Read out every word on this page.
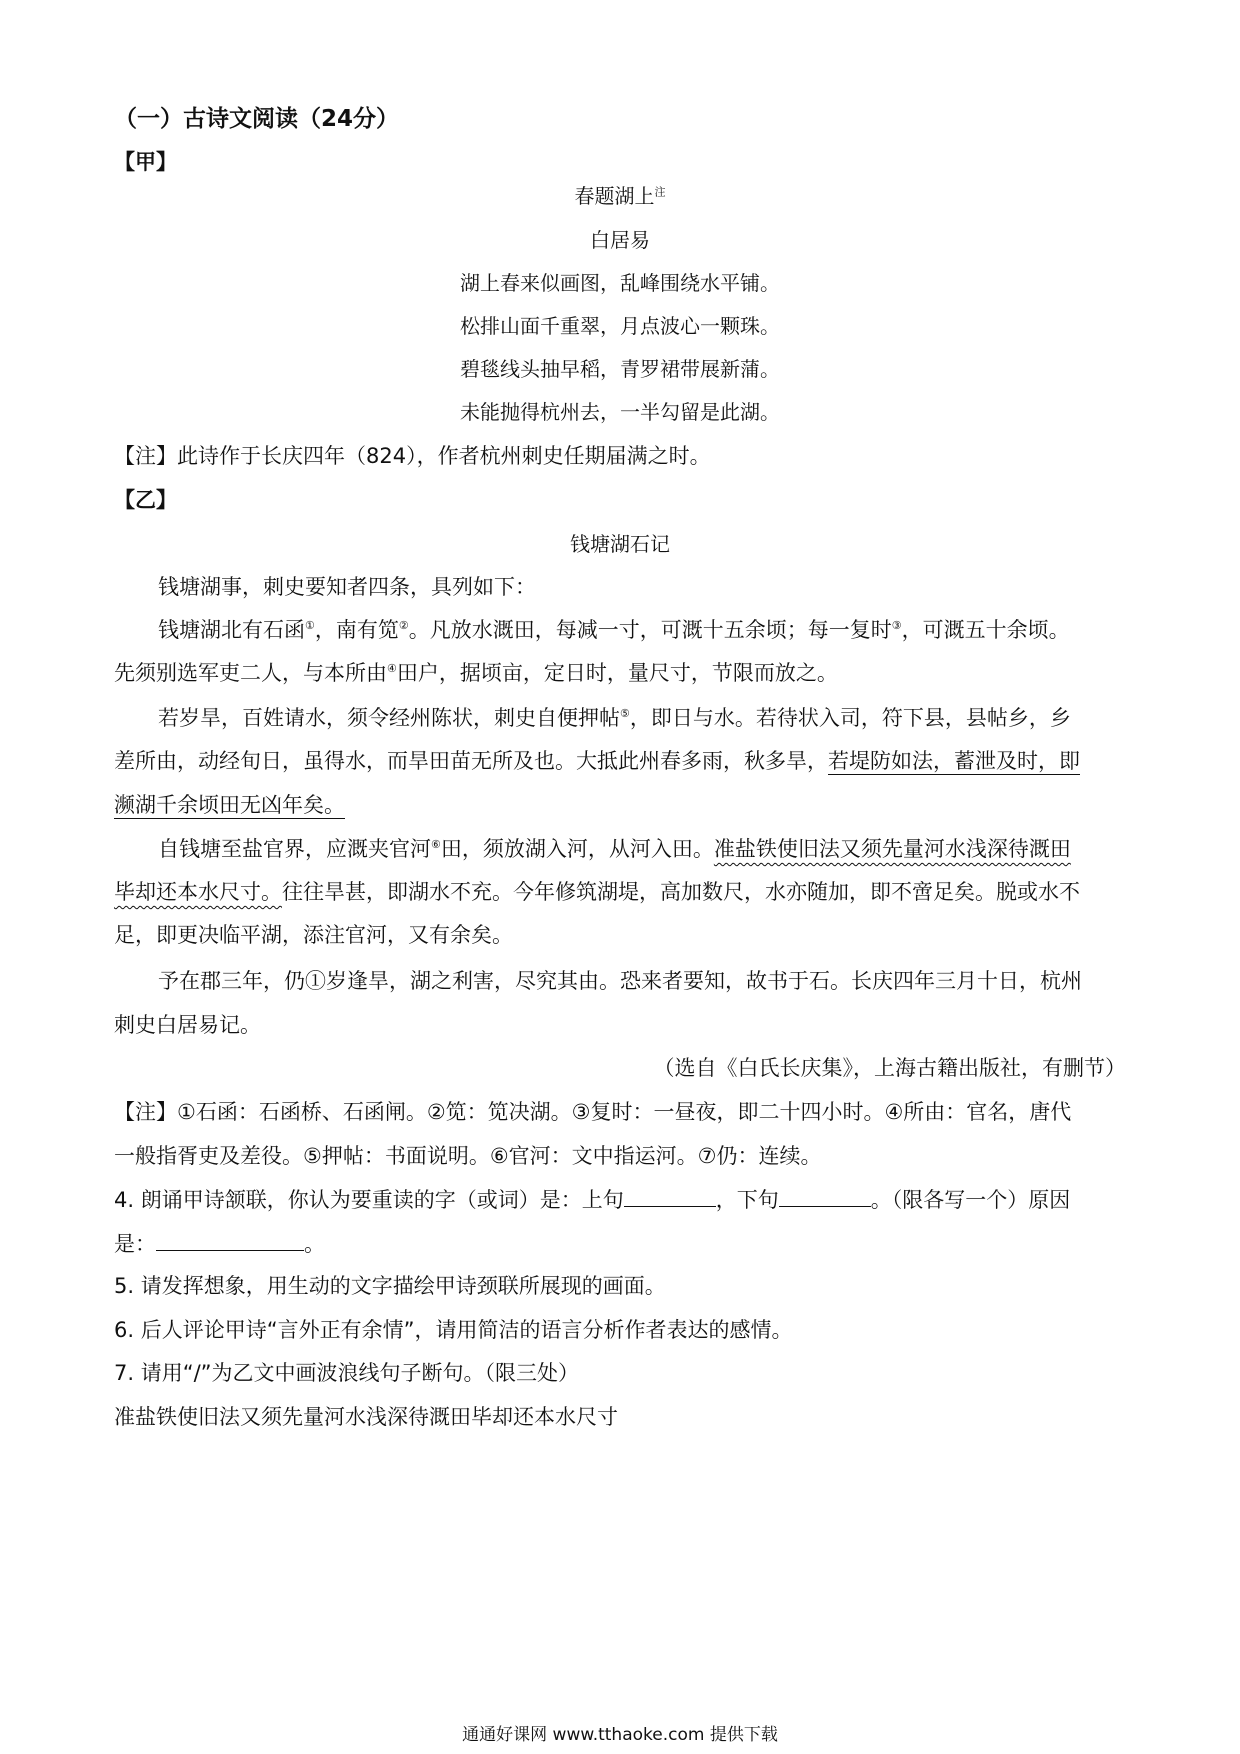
（一）古诗文阅读（24分）
【甲】
春题湖上$^注$
白居易
湖上春来似画图，乱峰围绕水平铺。
松排山面千重翠，月点波心一颗珠。
碧毯线头抽早稻，青罗裙带展新蒲。
未能抛得杭州去，一半勾留是此湖。
【注】此诗作于长庆四年（824），作者杭州刺史任期届满之时。
【乙】
钱塘湖石记
钱塘湖事，刺史要知者四条，具列如下：
钱塘湖北有石函①，南有笕②。凡放水溉田，每减一寸，可溉十五余顷；每一复时③，可溉五十余顷。
先须别选军吏二人，与本所由④田户，据顷亩，定日时，量尺寸，节限而放之。
若岁旱，百姓请水，须令经州陈状，刺史自便押帖⑤，即日与水。若待状入司，符下县，县帖乡，乡
差所由，动经旬日，虽得水，而旱田苗无所及也。大抵此州春多雨，秋多旱，若堤防如法，蓄泄及时，即
濒湖千余顷田无凶年矣。
自钱塘至盐官界，应溉夹官河⑥田，须放湖入河，从河入田。准盐铁使旧法又须先量河水浅深待溉田
毕却还本水尺寸。往往旱甚，即湖水不充。今年修筑湖堤，高加数尺，水亦随加，即不啻足矣。脱或水不
足，即更决临平湖，添注官河，又有余矣。
予在郡三年，仍①岁逢旱，湖之利害，尽究其由。恐来者要知，故书于石。长庆四年三月十日，杭州
刺史白居易记。
（选自《白氏长庆集》，上海古籍出版社，有删节）
【注】①石函：石函桥、石函闸。②笕：笕决湖。③复时：一昼夜，即二十四小时。④所由：官名，唐代
一般指胥吏及差役。⑤押帖：书面说明。⑥官河：文中指运河。⑦仍：连续。
4. 朗诵甲诗颔联，你认为要重读的字（或词）是：上句	，下句	。（限各写一个）原因
是：	。
5. 请发挥想象，用生动的文字描绘甲诗颈联所展现的画面。
6. 后人评论甲诗“言外正有余情”，请用简洁的语言分析作者表达的感情。
7. 请用“/”为乙文中画波浪线句子断句。（限三处）
准盐铁使旧法又须先量河水浅深待溉田毕却还本水尺寸
通通好课网 www.tthaoke.com 提供下载
